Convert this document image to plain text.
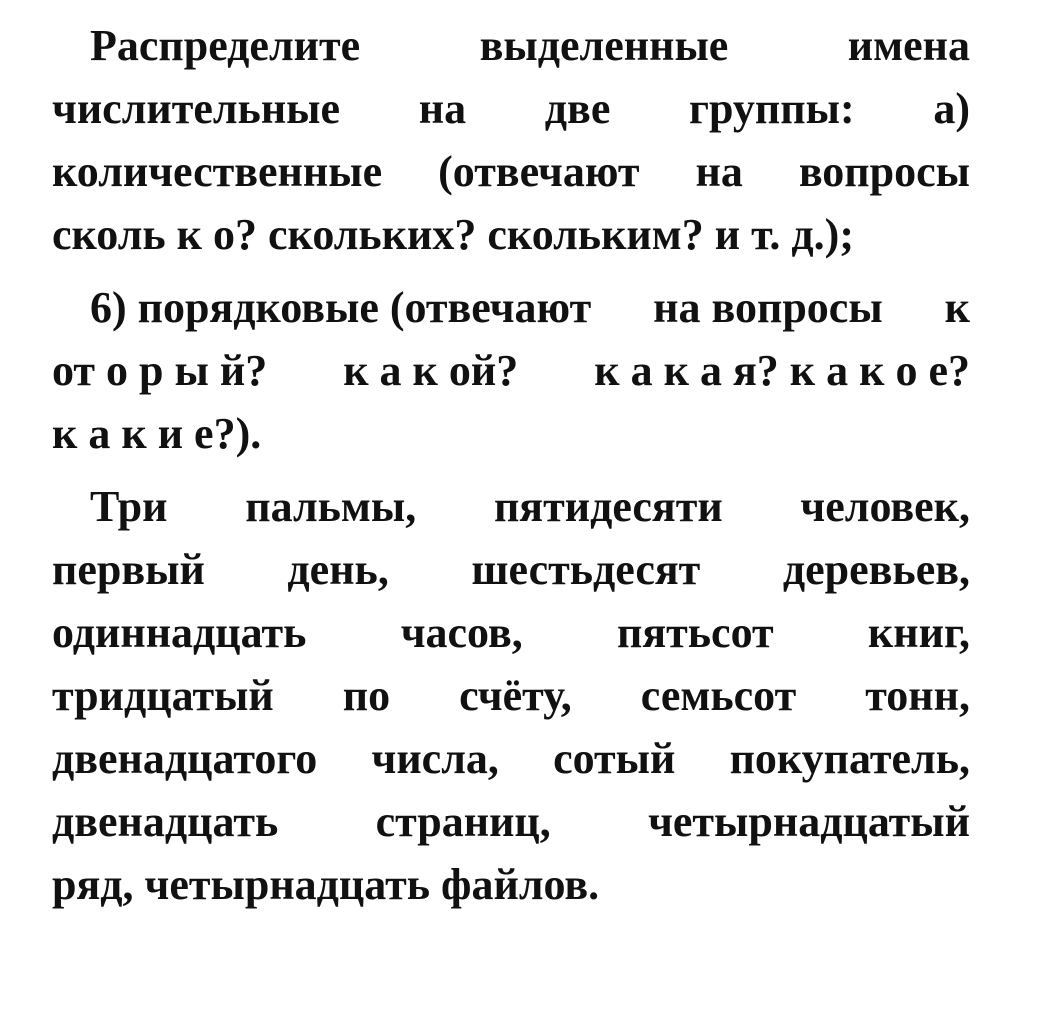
Распределите	выделенные	имена
числительные на две группы: а)
количественные (отвечают на вопросы
сколь к о? скольких? скольким? и т. д.);
6) порядковые (отвечают на вопросы к
от о р ы й? к а к ой? к а к а я? к а к о е?
к а к и е?).
Три пальмы, пятидесяти человек,
первый день, шестьдесят деревьев,
одиннадцать часов, пятьсот книг,
тридцатый по счёту, семьсот тонн,
двенадцатого числа, сотый покупатель,
двенадцать страниц, четырнадцатый
ряд, четырнадцать файлов.
